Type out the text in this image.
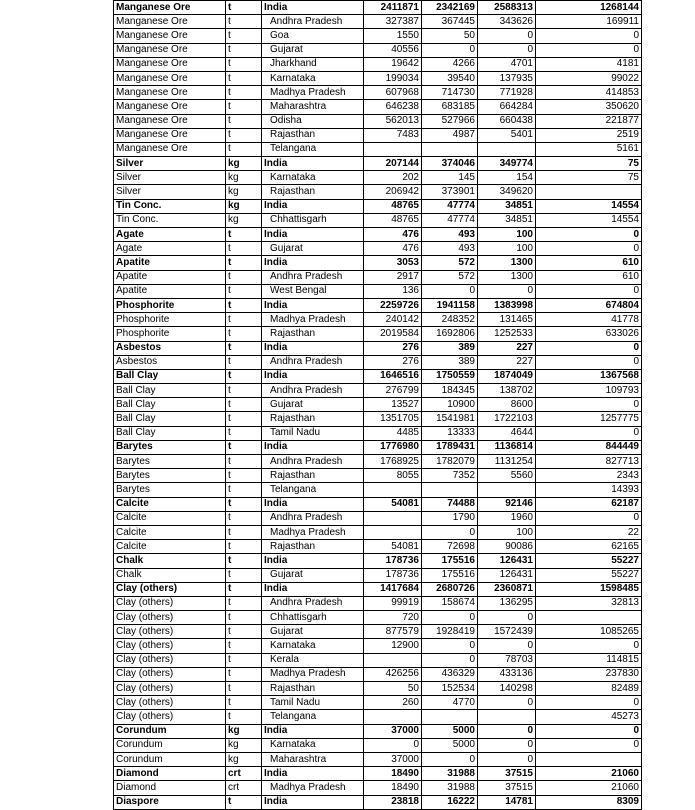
Manganese Ore	t	India	2411871	2342169	2588313	1268144
Manganese Ore	t	Andhra Pradesh	327387	367445	343626	169911
Manganese Ore	t	Goa	1550	50	0	0
Manganese Ore	t	Gujarat	40556	0	0	0
Manganese Ore	t	Jharkhand	19642	4266	4701	4181
Manganese Ore	t	Karnataka	199034	39540	137935	99022
Manganese Ore	t	Madhya Pradesh	607968	714730	771928	414853
Manganese Ore	t	Maharashtra	646238	683185	664284	350620
Manganese Ore	t	Odisha	562013	527966	660438	221877
Manganese Ore	t	Rajasthan	7483	4987	5401	2519
Manganese Ore	t	Telangana				5161
Silver	kg	India	207144	374046	349774	75
Silver	kg	Karnataka	202	145	154	75
Silver	kg	Rajasthan	206942	373901	349620	
Tin Conc.	kg	India	48765	47774	34851	14554
Tin Conc.	kg	Chhattisgarh	48765	47774	34851	14554
Agate	t	India	476	493	100	0
Agate	t	Gujarat	476	493	100	0
Apatite	t	India	3053	572	1300	610
Apatite	t	Andhra Pradesh	2917	572	1300	610
Apatite	t	West Bengal	136	0	0	0
Phosphorite	t	India	2259726	1941158	1383998	674804
Phosphorite	t	Madhya Pradesh	240142	248352	131465	41778
Phosphorite	t	Rajasthan	2019584	1692806	1252533	633026
Asbestos	t	India	276	389	227	0
Asbestos	t	Andhra Pradesh	276	389	227	0
Ball Clay	t	India	1646516	1750559	1874049	1367568
Ball Clay	t	Andhra Pradesh	276799	184345	138702	109793
Ball Clay	t	Gujarat	13527	10900	8600	0
Ball Clay	t	Rajasthan	1351705	1541981	1722103	1257775
Ball Clay	t	Tamil Nadu	4485	13333	4644	0
Barytes	t	India	1776980	1789431	1136814	844449
Barytes	t	Andhra Pradesh	1768925	1782079	1131254	827713
Barytes	t	Rajasthan	8055	7352	5560	2343
Barytes	t	Telangana				14393
Calcite	t	India	54081	74488	92146	62187
Calcite	t	Andhra Pradesh		1790	1960	0
Calcite	t	Madhya Pradesh		0	100	22
Calcite	t	Rajasthan	54081	72698	90086	62165
Chalk	t	India	178736	175516	126431	55227
Chalk	t	Gujarat	178736	175516	126431	55227
Clay (others)	t	India	1417684	2680726	2360871	1598485
Clay (others)	t	Andhra Pradesh	99919	158674	136295	32813
Clay (others)	t	Chhattisgarh	720	0	0	
Clay (others)	t	Gujarat	877579	1928419	1572439	1085265
Clay (others)	t	Karnataka	12900	0	0	0
Clay (others)	t	Kerala		0	78703	114815
Clay (others)	t	Madhya Pradesh	426256	436329	433136	237830
Clay (others)	t	Rajasthan	50	152534	140298	82489
Clay (others)	t	Tamil Nadu	260	4770	0	0
Clay (others)	t	Telangana				45273
Corundum	kg	India	37000	5000	0	0
Corundum	kg	Karnataka	0	5000	0	0
Corundum	kg	Maharashtra	37000	0	0	
Diamond	crt	India	18490	31988	37515	21060
Diamond	crt	Madhya Pradesh	18490	31988	37515	21060
Diaspore	t	India	23818	16222	14781	8309
